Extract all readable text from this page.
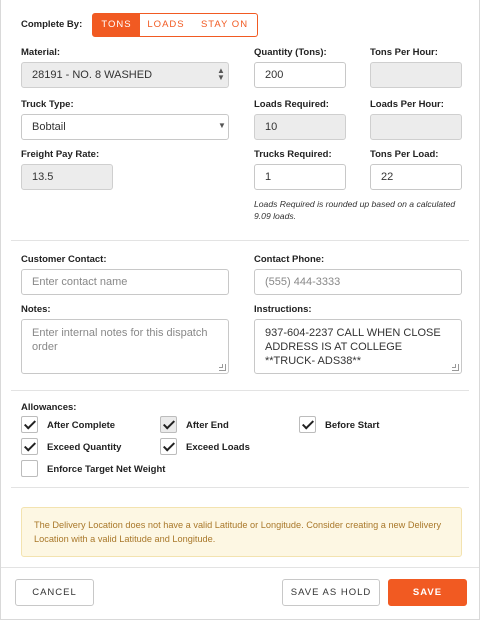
Complete By:	TONS	LOADS	STAY ON
Material:
28191 - NO. 8 WASHED	▲
▼
Quantity (Tons):
200
Tons Per Hour:
Truck Type:
Bobtail	▼
Loads Required:
10
Loads Per Hour:
Freight Pay Rate:
13.5
Trucks Required:
1
Tons Per Load:
22
Loads Required is rounded up based on a calculated 9.09 loads.
Customer Contact:
Enter contact name
Contact Phone:
(555) 444-3333
Notes:
Enter internal notes for this dispatch order
Instructions:
937-604-2237 CALL WHEN CLOSE ADDRESS IS AT COLLEGE **TRUCK- ADS38**
Allowances:
After Complete	After End	Before Start
Exceed Quantity	Exceed Loads
Enforce Target Net Weight
The Delivery Location does not have a valid Latitude or Longitude. Consider creating a new Delivery Location with a valid Latitude and Longitude.
CANCEL	SAVE AS HOLD	SAVE
